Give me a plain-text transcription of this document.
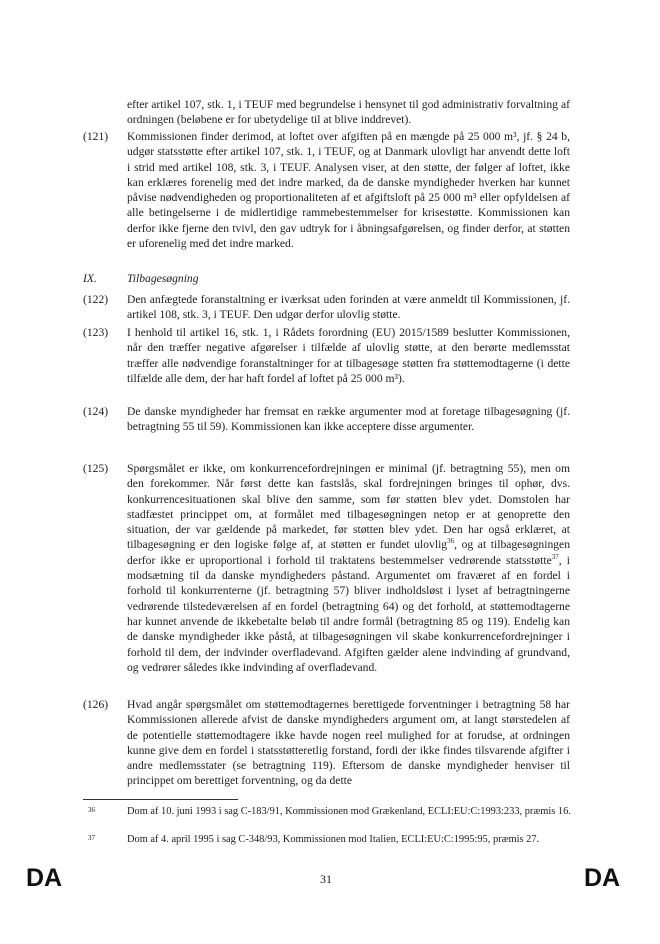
efter artikel 107, stk. 1, i TEUF med begrundelse i hensynet til god administrativ forvaltning af ordningen (beløbene er for ubetydelige til at blive inddrevet).

(121) Kommissionen finder derimod, at loftet over afgiften på en mængde på 25 000 m³, jf. § 24 b, udgør statsstøtte efter artikel 107, stk. 1, i TEUF, og at Danmark ulovligt har anvendt dette loft i strid med artikel 108, stk. 3, i TEUF. Analysen viser, at den støtte, der følger af loftet, ikke kan erklæres forenelig med det indre marked, da de danske myndigheder hverken har kunnet påvise nødvendigheden og proportionaliteten af et afgiftsloft på 25 000 m³ eller opfyldelsen af alle betingelserne i de midlertidige rammebestemmelser for krisestøtte. Kommissionen kan derfor ikke fjerne den tvivl, den gav udtryk for i åbningsafgørelsen, og finder derfor, at støtten er uforenelig med det indre marked.

IX.	Tilbagesøgning
(122) Den anfægtede foranstaltning er iværksat uden forinden at være anmeldt til Kommissionen, jf. artikel 108, stk. 3, i TEUF. Den udgør derfor ulovlig støtte.

(123) I henhold til artikel 16, stk. 1, i Rådets forordning (EU) 2015/1589 beslutter Kommissionen, når den træffer negative afgørelser i tilfælde af ulovlig støtte, at den berørte medlemsstat træffer alle nødvendige foranstaltninger for at tilbagesøge støtten fra støttemodtagerne (i dette tilfælde alle dem, der har haft fordel af loftet på 25 000 m³).

(124) De danske myndigheder har fremsat en række argumenter mod at foretage tilbagesøgning (jf. betragtning 55 til 59). Kommissionen kan ikke acceptere disse argumenter.

(125) Spørgsmålet er ikke, om konkurrencefordrejningen er minimal (jf. betragtning 55), men om den forekommer. Når først dette kan fastslås, skal fordrejningen bringes til ophør, dvs. konkurrencesituationen skal blive den samme, som før støtten blev ydet. Domstolen har stadfæstet princippet om, at formålet med tilbagesøgningen netop er at genoprette den situation, der var gældende på markedet, før støtten blev ydet. Den har også erklæret, at tilbagesøgning er den logiske følge af, at støtten er fundet ulovlig$^{36}$, og at tilbagesøgningen derfor ikke er uproportional i forhold til traktatens bestemmelser vedrørende statsstøtte$^{37}$, i modsætning til da danske myndigheders påstand. Argumentet om fraværet af en fordel i forhold til konkurrenterne (jf. betragtning 57) bliver indholdsløst i lyset af betragtningerne vedrørende tilstedeværelsen af en fordel (betragtning 64) og det forhold, at støttemodtagerne har kunnet anvende de ikkebetalte beløb til andre formål (betragtning 85 og 119). Endelig kan de danske myndigheder ikke påstå, at tilbagesøgningen vil skabe konkurrencefordrejninger i forhold til dem, der indvinder overfladevand. Afgiften gælder alene indvinding af grundvand, og vedrører således ikke indvinding af overfladevand.

(126) Hvad angår spørgsmålet om støttemodtagernes berettigede forventninger i betragtning 58 har Kommissionen allerede afvist de danske myndigheders argument om, at langt størstedelen af de potentielle støttemodtagere ikke havde nogen reel mulighed for at forudse, at ordningen kunne give dem en fordel i statsstøtteretlig forstand, fordi der ikke findes tilsvarende afgifter i andre medlemsstater (se betragtning 119). Eftersom de danske myndigheder henviser til princippet om berettiget forventning, og da dette

36	Dom af 10. juni 1993 i sag C-183/91, Kommissionen mod Grækenland, ECLI:EU:C:1993:233, præmis 16.

37	Dom af 4. april 1995 i sag C-348/93, Kommissionen mod Italien, ECLI:EU:C:1995:95, præmis 27.

DA	31	DA
